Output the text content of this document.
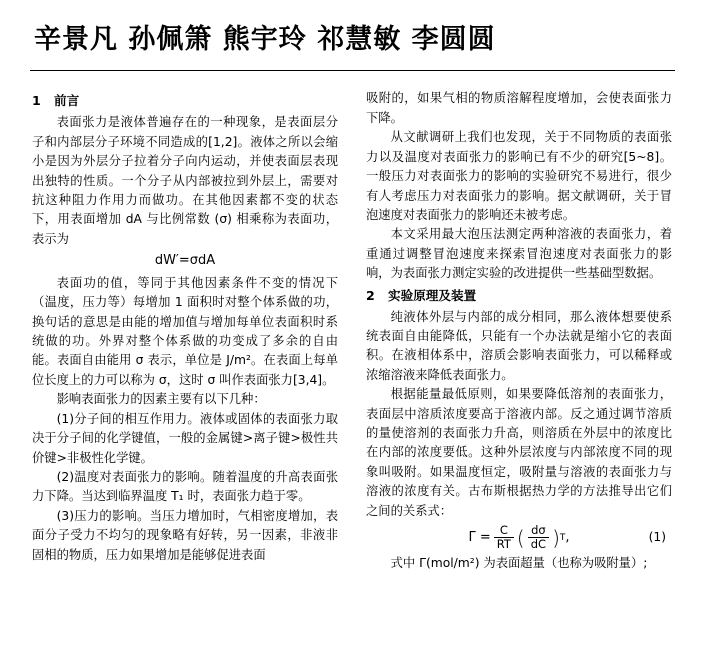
辛景凡 孙佩箫 熊宇玲 祁慧敏 李圆圆
1 前言

表面张力是液体普遍存在的一种现象，是表面层分子和内部层分子环境不同造成的[1,2]。液体之所以会缩小是因为外层分子拉着分子向内运动，并使表面层表现出独特的性质。一个分子从内部被拉到外层上，需要对抗这种阻力作用力而做功。在其他因素都不变的状态下，用表面增加 dA 与比例常数 (σ) 相乘称为表面功，表示为

dW′=σdA

表面功的值，等同于其他因素条件不变的情况下（温度，压力等）每增加 1 面积时对整个体系做的功，换句话的意思是由能的增加值与增加每单位表面积时系统做的功。外界对整个体系做的功变成了多余的自由能。表面自由能用 σ 表示，单位是 J/m²。在表面上每单位长度上的力可以称为 σ，这时 σ 叫作表面张力[3,4]。

影响表面张力的因素主要有以下几种：

(1)分子间的相互作用力。液体或固体的表面张力取决于分子间的化学键值，一般的金属键>离子键>极性共价键>非极性化学键。

(2)温度对表面张力的影响。随着温度的升高表面张力下降。当达到临界温度 T₁ 时，表面张力趋于零。

(3)压力的影响。当压力增加时，气相密度增加，表面分子受力不均匀的现象略有好转，另一因素，非液非固相的物质，压力如果增加是能够促进表面

吸附的，如果气相的物质溶解程度增加，会使表面张力下降。

从文献调研上我们也发现，关于不同物质的表面张力以及温度对表面张力的影响已有不少的研究[5~8]。一般压力对表面张力的影响的实验研究不易进行，很少有人考虑压力对表面张力的影响。据文献调研，关于冒泡速度对表面张力的影响还未被考虑。

本文采用最大泡压法测定两种溶液的表面张力，着重通过调整冒泡速度来探索冒泡速度对表面张力的影响，为表面张力测定实验的改进提供一些基础型数据。

2 实验原理及装置

纯液体外层与内部的成分相同，那么液体想要使系统表面自由能降低，只能有一个办法就是缩小它的表面积。在液相体系中，溶质会影响表面张力，可以稀释或浓缩溶液来降低表面张力。

根据能量最低原则，如果要降低溶剂的表面张力，表面层中溶质浓度要高于溶液内部。反之通过调节溶质的量使溶剂的表面张力升高，则溶质在外层中的浓度比在内部的浓度要低。这种外层浓度与内部浓度不同的现象叫吸附。如果温度恒定，吸附量与溶液的表面张力与溶液的浓度有关。古布斯根据热力学的方法推导出它们之间的关系式：

$\Gamma = \frac{C}{RT}$ ( $\frac{d\sigma}{dC}$ ) T ,	(1)

式中 Γ(mol/m²) 为表面超量（也称为吸附量）;
